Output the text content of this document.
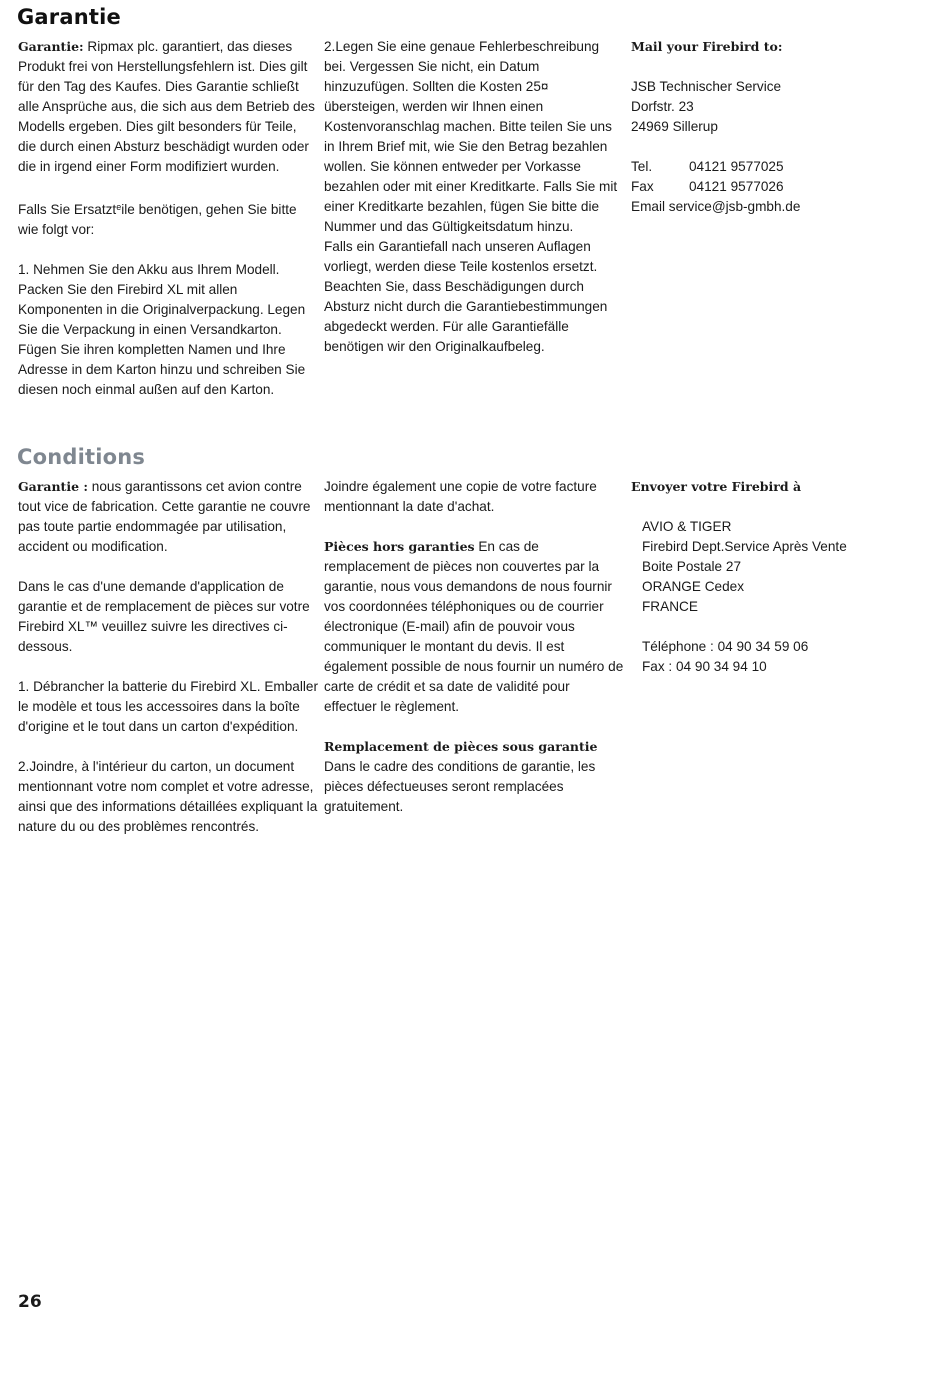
Garantie

Garantie: Ripmax plc. garantiert, das dieses Produkt frei von Herstellungsfehlern ist. Dies gilt für den Tag des Kaufes. Dies Garantie schließt alle Ansprüche aus, die sich aus dem Betrieb des Modells ergeben. Dies gilt besonders für Teile, die durch einen Absturz beschädigt wurden oder die in irgend einer Form modifiziert wurden.

Falls Sie Ersatzt$^e$ile benötigen, gehen Sie bitte wie folgt vor:

1. Nehmen Sie den Akku aus Ihrem Modell. Packen Sie den Firebird XL mit allen Komponenten in die Originalverpackung. Legen Sie die Verpackung in einen Versandkarton. Fügen Sie ihren kompletten Namen und Ihre Adresse in dem Karton hinzu und schreiben Sie diesen noch einmal außen auf den Karton.

2.Legen Sie eine genaue Fehlerbeschreibung bei. Vergessen Sie nicht, ein Datum hinzuzufügen. Sollten die Kosten 25¤ übersteigen, werden wir Ihnen einen Kostenvoranschlag machen. Bitte teilen Sie uns in Ihrem Brief mit, wie Sie den Betrag bezahlen wollen. Sie können entweder per Vorkasse bezahlen oder mit einer Kreditkarte. Falls Sie mit einer Kreditkarte bezahlen, fügen Sie bitte die Nummer und das Gültigkeitsdatum hinzu.

Falls ein Garantiefall nach unseren Auflagen vorliegt, werden diese Teile kostenlos ersetzt. Beachten Sie, dass Beschädigungen durch Absturz nicht durch die Garantiebestimmungen abgedeckt werden. Für alle Garantiefälle benötigen wir den Originalkaufbeleg.

Mail your Firebird to:

JSB Technischer Service
Dorfstr. 23
24969 Sillerup
Tel.	04121 9577025
Fax	04121 9577026
Email service@jsb-gmbh.de
Conditions

Garantie : nous garantissons cet avion contre tout vice de fabrication. Cette garantie ne couvre pas toute partie endommagée par utilisation, accident ou modification.

Dans le cas d'une demande d'application de garantie et de remplacement de pièces sur votre Firebird XL™ veuillez suivre les directives ci-dessous.

1. Débrancher la batterie du Firebird XL. Emballer le modèle et tous les accessoires dans la boîte d'origine et le tout dans un carton d'expédition.

2.Joindre, à l'intérieur du carton, un document mentionnant votre nom complet et votre adresse, ainsi que des informations détaillées expliquant la nature du ou des problèmes rencontrés.

Joindre également une copie de votre facture mentionnant la date d'achat.

Pièces hors garanties En cas de remplacement de pièces non couvertes par la garantie, nous vous demandons de nous fournir vos coordonnées téléphoniques ou de courrier électronique (E-mail) afin de pouvoir vous communiquer le montant du devis. Il est également possible de nous fournir un numéro de carte de crédit et sa date de validité pour effectuer le règlement.

Remplacement de pièces sous garantie Dans le cadre des conditions de garantie, les pièces défectueuses seront remplacées gratuitement.

Envoyer votre Firebird à

AVIO & TIGER
Firebird Dept.Service Après Vente
Boite Postale 27
ORANGE Cedex
FRANCE
Téléphone : 04 90 34 59 06
Fax : 04 90 34 94 10
26
